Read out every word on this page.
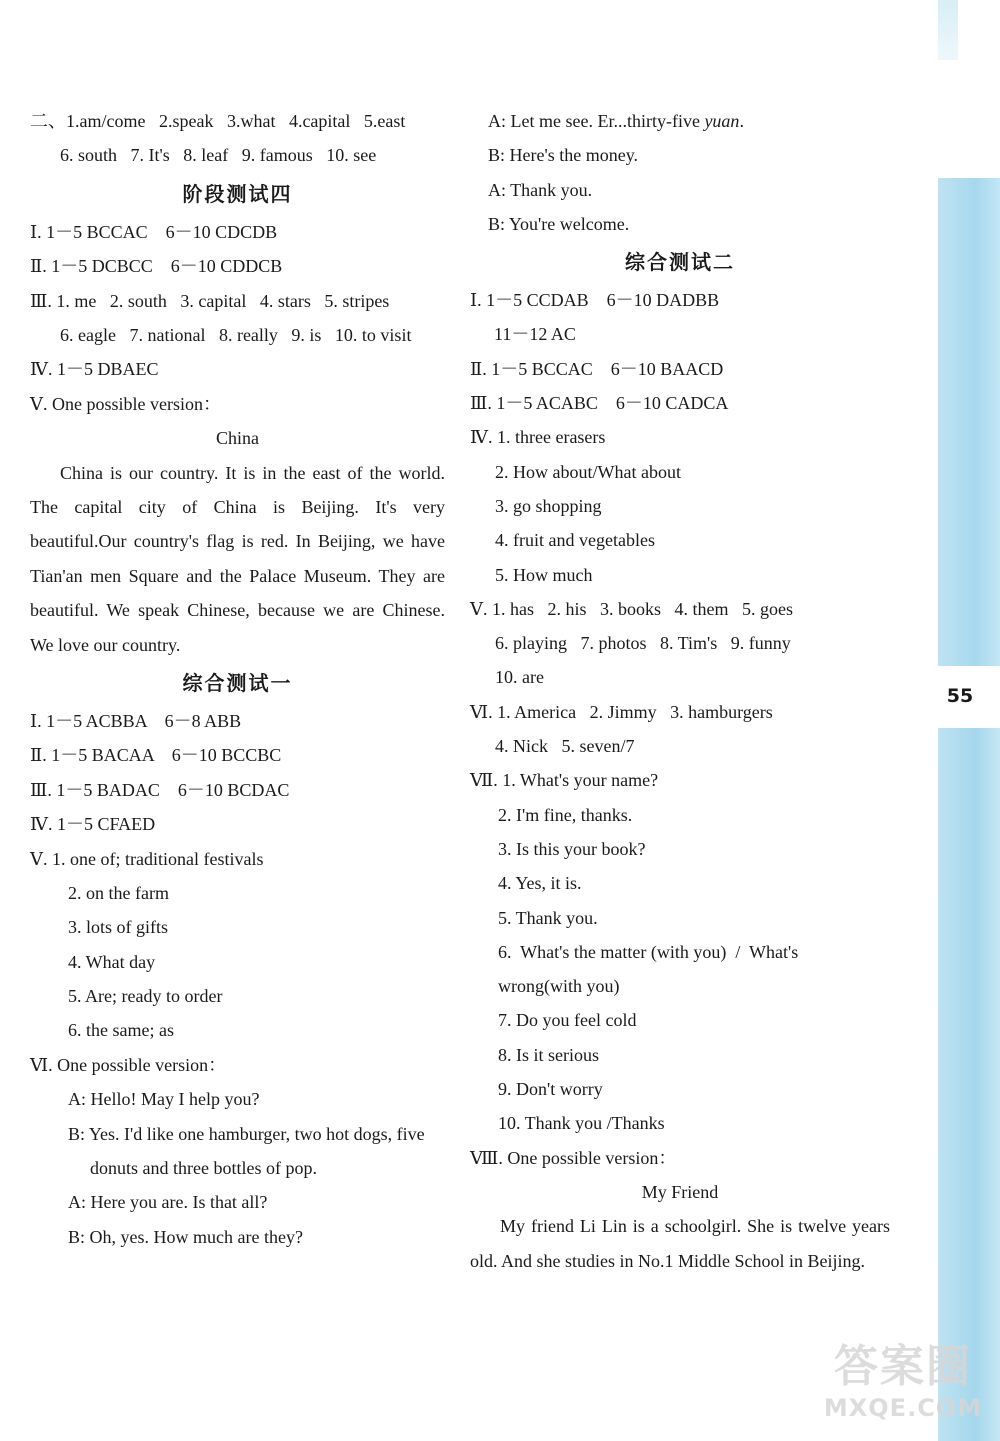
55
二、1.am/come   2.speak   3.what   4.capital   5.east
6. south   7. It's   8. leaf   9. famous   10. see
阶段测试四
Ⅰ. 1－5 BCCAC    6－10 CDCDB
Ⅱ. 1－5 DCBCC    6－10 CDDCB
Ⅲ. 1. me   2. south   3. capital   4. stars   5. stripes
6. eagle   7. national   8. really   9. is   10. to visit
Ⅳ. 1－5 DBAEC
Ⅴ. One possible version：
China
China is our country. It is in the east of the world. The capital city of China is Beijing. It's very beautiful.Our country's flag is red. In Beijing, we have Tian'an men Square and the Palace Museum. They are beautiful. We speak Chinese, because we are Chinese. We love our country.
综合测试一
Ⅰ. 1－5 ACBBA    6－8 ABB
Ⅱ. 1－5 BACAA    6－10 BCCBC
Ⅲ. 1－5 BADAC    6－10 BCDAC
Ⅳ. 1－5 CFAED
Ⅴ. 1. one of; traditional festivals
2. on the farm
3. lots of gifts
4. What day
5. Are; ready to order
6. the same; as
Ⅵ. One possible version：
A: Hello! May I help you?
B: Yes. I'd like one hamburger, two hot dogs, five
donuts and three bottles of pop.
A: Here you are. Is that all?
B: Oh, yes. How much are they?
A: Let me see. Er...thirty-five yuan.
B: Here's the money.
A: Thank you.
B: You're welcome.
综合测试二
Ⅰ. 1－5 CCDAB    6－10 DADBB
11－12 AC
Ⅱ. 1－5 BCCAC    6－10 BAACD
Ⅲ. 1－5 ACABC    6－10 CADCA
Ⅳ. 1. three erasers
2. How about/What about
3. go shopping
4. fruit and vegetables
5. How much
Ⅴ. 1. has   2. his   3. books   4. them   5. goes
6. playing   7. photos   8. Tim's   9. funny
10. are
Ⅵ. 1. America   2. Jimmy   3. hamburgers
4. Nick   5. seven/7
Ⅶ. 1. What's your name?
2. I'm fine, thanks.
3. Is this your book?
4. Yes, it is.
5. Thank you.
6.  What's the matter (with you)  /  What's
wrong(with you)
7. Do you feel cold
8. Is it serious
9. Don't worry
10. Thank you /Thanks
Ⅷ. One possible version：
My Friend
My friend Li Lin is a schoolgirl. She is twelve years old. And she studies in No.1 Middle School in Beijing.
答案圈
MXQE.COM
